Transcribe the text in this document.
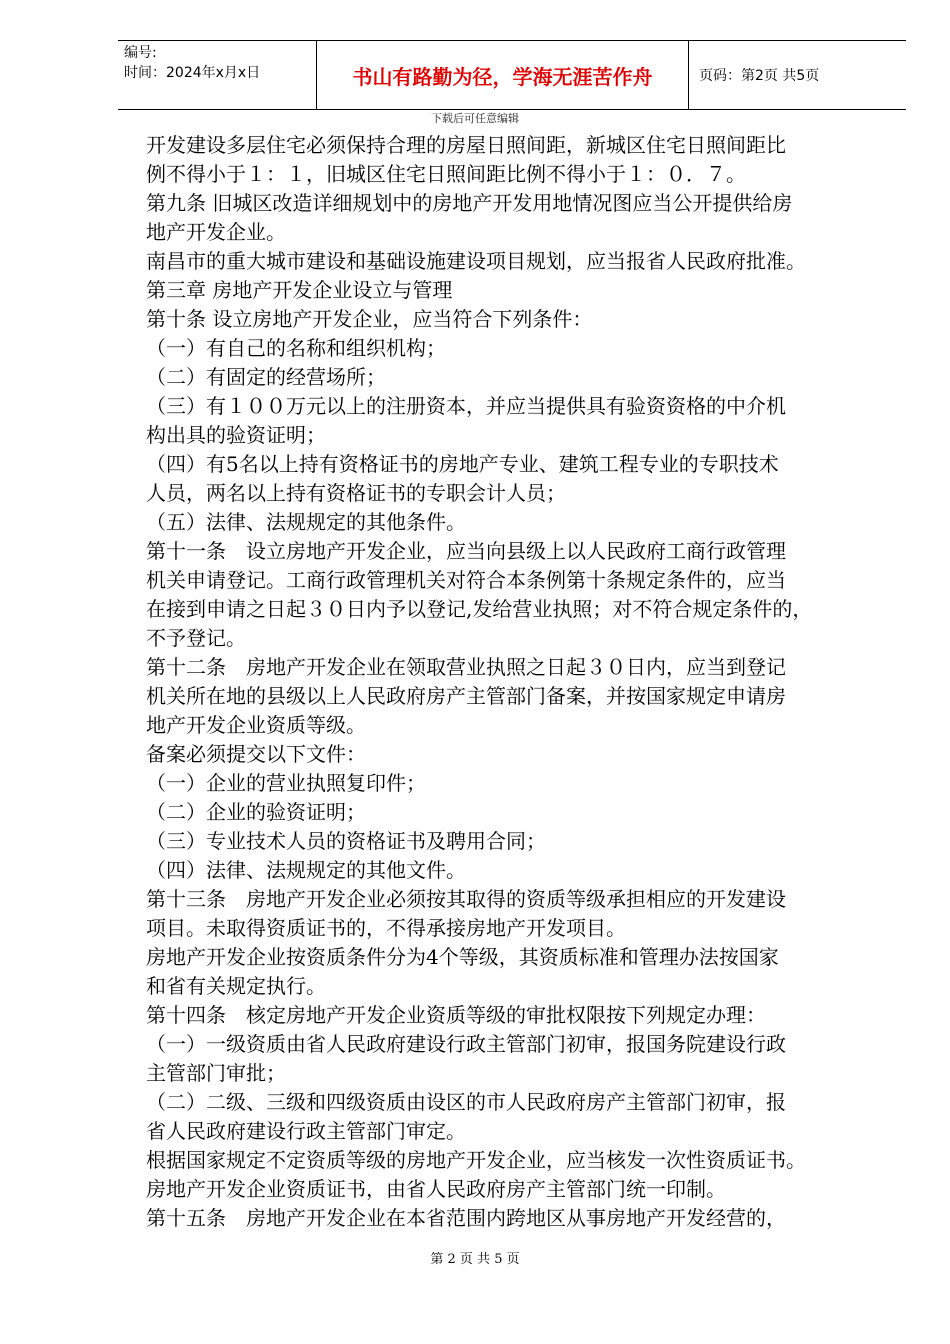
编号:
时间：2024年x月x日	书山有路勤为径，学海无涯苦作舟	页码：第2页 共5页
下载后可任意编辑
开发建设多层住宅必须保持合理的房屋日照间距，新城区住宅日照间距比
例不得小于１：１，旧城区住宅日照间距比例不得小于１：０．７。
第九条 旧城区改造详细规划中的房地产开发用地情况图应当公开提供给房
地产开发企业。
南昌市的重大城市建设和基础设施建设项目规划，应当报省人民政府批准。
第三章 房地产开发企业设立与管理
第十条 设立房地产开发企业，应当符合下列条件：
（一）有自己的名称和组织机构；
（二）有固定的经营场所；
（三）有１００万元以上的注册资本，并应当提供具有验资资格的中介机
构出具的验资证明；
（四）有5名以上持有资格证书的房地产专业、建筑工程专业的专职技术
人员，两名以上持有资格证书的专职会计人员；
（五）法律、法规规定的其他条件。
第十一条　设立房地产开发企业，应当向县级上以人民政府工商行政管理
机关申请登记。工商行政管理机关对符合本条例第十条规定条件的，应当
在接到申请之日起３０日内予以登记,发给营业执照；对不符合规定条件的，
不予登记。
第十二条　房地产开发企业在领取营业执照之日起３０日内，应当到登记
机关所在地的县级以上人民政府房产主管部门备案，并按国家规定申请房
地产开发企业资质等级。
备案必须提交以下文件：
（一）企业的营业执照复印件；
（二）企业的验资证明；
（三）专业技术人员的资格证书及聘用合同；
（四）法律、法规规定的其他文件。
第十三条　房地产开发企业必须按其取得的资质等级承担相应的开发建设
项目。未取得资质证书的，不得承接房地产开发项目。
房地产开发企业按资质条件分为4个等级，其资质标准和管理办法按国家
和省有关规定执行。
第十四条　核定房地产开发企业资质等级的审批权限按下列规定办理：
（一）一级资质由省人民政府建设行政主管部门初审，报国务院建设行政
主管部门审批；
（二）二级、三级和四级资质由设区的市人民政府房产主管部门初审，报
省人民政府建设行政主管部门审定。
根据国家规定不定资质等级的房地产开发企业，应当核发一次性资质证书。
房地产开发企业资质证书，由省人民政府房产主管部门统一印制。
第十五条　房地产开发企业在本省范围内跨地区从事房地产开发经营的，
第 2 页 共 5 页
